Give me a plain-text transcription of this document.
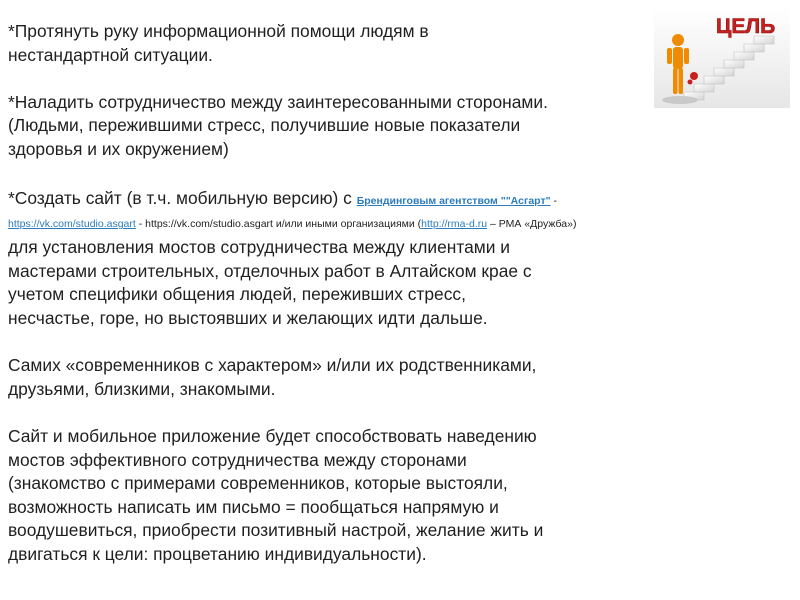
*Протянуть руку информационной помощи людям в
нестандартной ситуации.
*Наладить сотрудничество между заинтересованными сторонами.
(Людьми, пережившими стресс, получившие новые показатели
здоровья и их окружением)
*Создать сайт (в т.ч. мобильную версию) с Брендинговым агентством ""Асгарт" -
https://vk.com/studio.asgart - https://vk.com/studio.asgart и/или иными организациями (http://rma-d.ru – РМА «Дружба»)
для установления мостов сотрудничества между клиентами и
мастерами строительных, отделочных работ в Алтайском крае с
учетом специфики общения людей, переживших стресс,
несчастье, горе, но выстоявших и желающих идти дальше.
Самих «современников с характером» и/или их родственниками,
друзьями, близкими, знакомыми.
Сайт и мобильное приложение будет способствовать наведению
мостов эффективного сотрудничества между сторонами
(знакомство с примерами современников, которые выстояли,
возможность написать им письмо = пообщаться напрямую и
воодушевиться, приобрести позитивный настрой, желание жить и
двигаться к цели: процветанию индивидуальности).
ЦЕЛЬ
